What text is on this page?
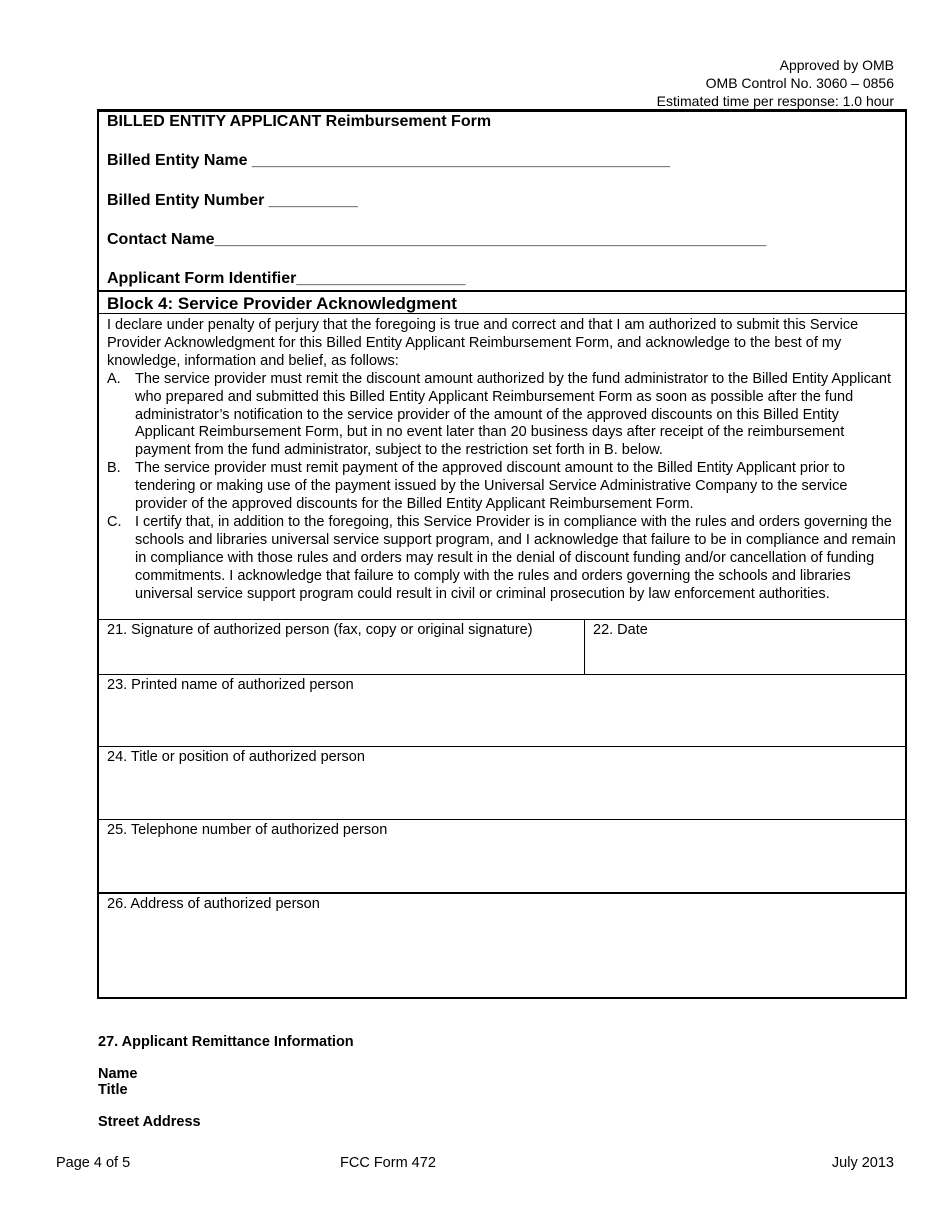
Approved by OMB
OMB Control No. 3060 – 0856
Estimated time per response: 1.0 hour
BILLED ENTITY APPLICANT Reimbursement Form
Billed Entity Name _______________________________________________
Billed Entity Number __________
Contact Name______________________________________________________________
Applicant Form Identifier___________________
Block 4: Service Provider Acknowledgment
I declare under penalty of perjury that the foregoing is true and correct and that I am authorized to submit this Service Provider Acknowledgment for this Billed Entity Applicant Reimbursement Form, and acknowledge to the best of my knowledge, information and belief, as follows:
A. The service provider must remit the discount amount authorized by the fund administrator to the Billed Entity Applicant who prepared and submitted this Billed Entity Applicant Reimbursement Form as soon as possible after the fund administrator’s notification to the service provider of the amount of the approved discounts on this Billed Entity Applicant Reimbursement Form, but in no event later than 20 business days after receipt of the reimbursement payment from the fund administrator, subject to the restriction set forth in B. below.
B. The service provider must remit payment of the approved discount amount to the Billed Entity Applicant prior to tendering or making use of the payment issued by the Universal Service Administrative Company to the service provider of the approved discounts for the Billed Entity Applicant Reimbursement Form.
C. I certify that, in addition to the foregoing, this Service Provider is in compliance with the rules and orders governing the schools and libraries universal service support program, and I acknowledge that failure to be in compliance and remain in compliance with those rules and orders may result in the denial of discount funding and/or cancellation of funding commitments. I acknowledge that failure to comply with the rules and orders governing the schools and libraries universal service support program could result in civil or criminal prosecution by law enforcement authorities.
21. Signature of authorized person (fax, copy or original signature)	22. Date
23. Printed name of authorized person
24. Title or position of authorized person
25. Telephone number of authorized person
26. Address of authorized person
27. Applicant Remittance Information
Name
Title
Street Address
Page 4 of 5	FCC Form 472	July 2013
